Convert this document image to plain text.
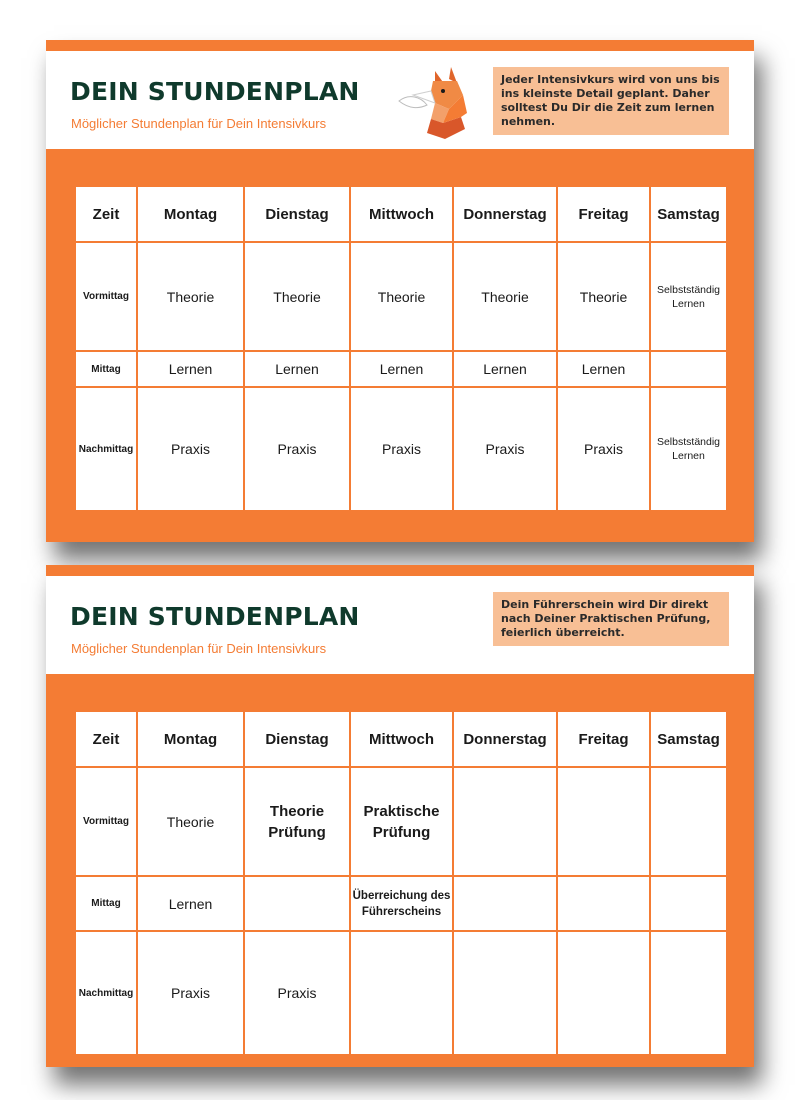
DEIN STUNDENPLAN
Möglicher Stundenplan für Dein Intensivkurs
Jeder Intensivkurs wird von uns bis ins kleinste Detail geplant. Daher solltest Du Dir die Zeit zum lernen nehmen.
Zeit	Montag	Dienstag	Mittwoch	Donnerstag	Freitag	Samstag
Vormittag	Theorie	Theorie	Theorie	Theorie	Theorie	Selbstständig Lernen
Mittag	Lernen	Lernen	Lernen	Lernen	Lernen	
Nachmittag	Praxis	Praxis	Praxis	Praxis	Praxis	Selbstständig Lernen
DEIN STUNDENPLAN
Möglicher Stundenplan für Dein Intensivkurs
Dein Führerschein wird Dir direkt nach Deiner Praktischen Prüfung, feierlich überreicht.
Zeit	Montag	Dienstag	Mittwoch	Donnerstag	Freitag	Samstag
Vormittag	Theorie	Theorie Prüfung	Praktische Prüfung			
Mittag	Lernen		Überreichung des Führerscheins			
Nachmittag	Praxis	Praxis				
